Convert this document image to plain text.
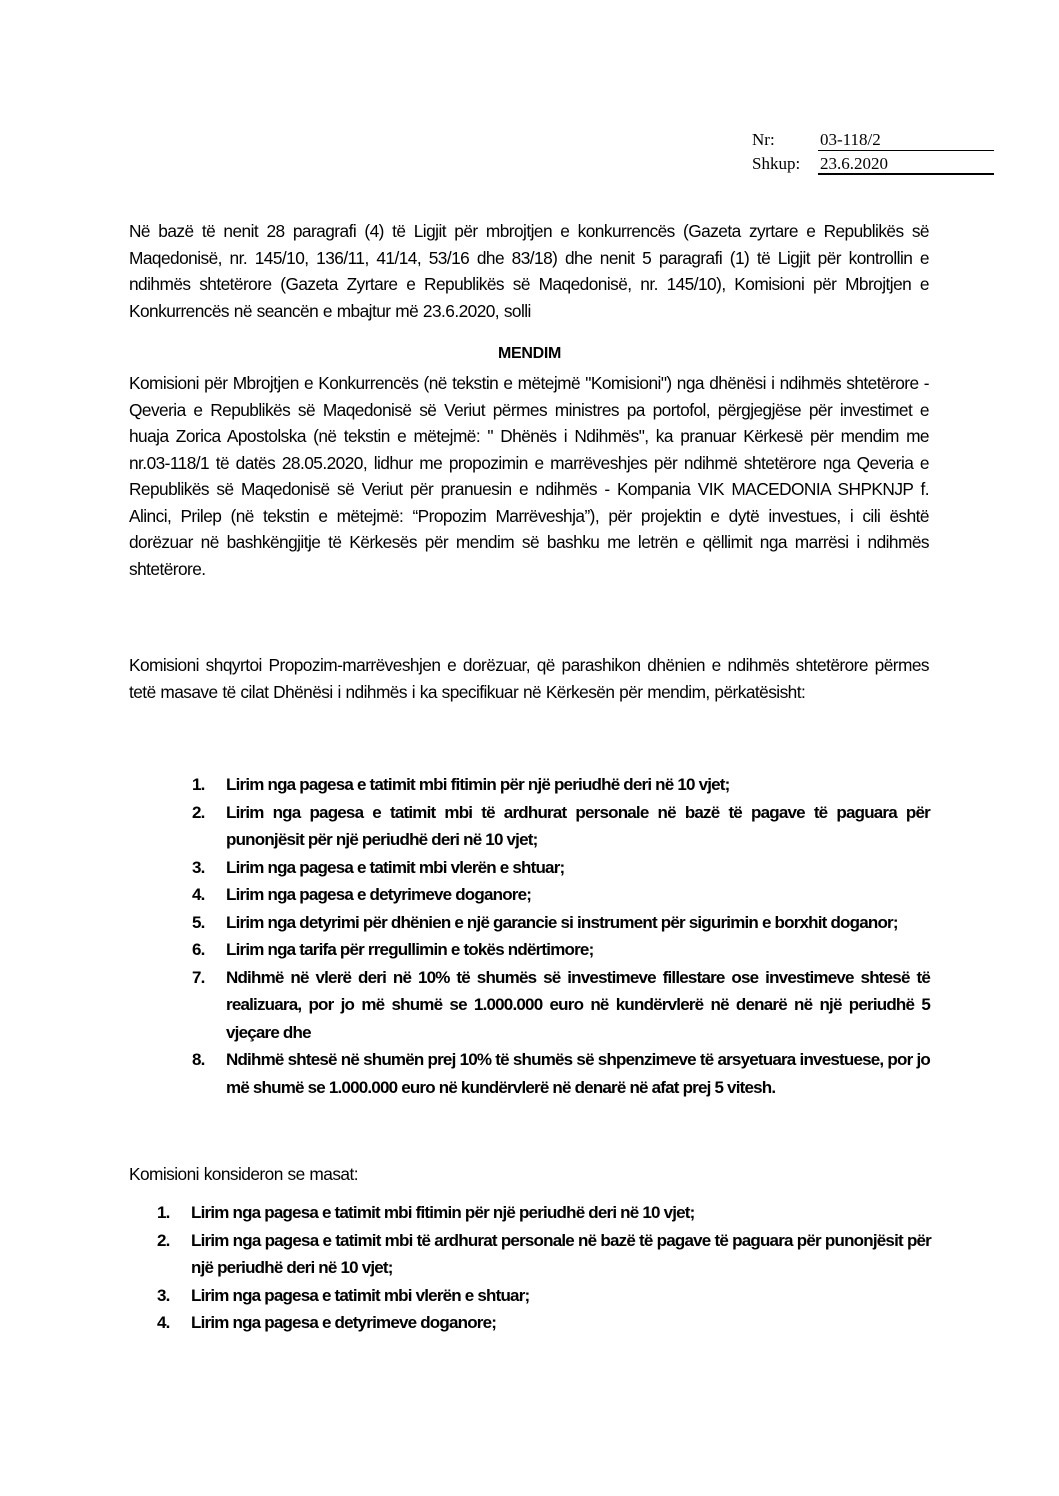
Nr:	03-118/2
Shkup: 23.6.2020

Në bazë të nenit 28 paragrafi (4) të Ligjit për mbrojtjen e konkurrencës (Gazeta zyrtare e Republikës së Maqedonisë, nr. 145/10, 136/11, 41/14, 53/16 dhe 83/18) dhe nenit 5 paragrafi (1) të Ligjit për kontrollin e ndihmës shtetërore (Gazeta Zyrtare e Republikës së Maqedonisë, nr. 145/10), Komisioni për Mbrojtjen e Konkurrencës në seancën e mbajtur më 23.6.2020, solli

MENDIM

Komisioni për Mbrojtjen e Konkurrencës (në tekstin e mëtejmë "Komisioni") nga dhënësi i ndihmës shtetërore - Qeveria e Republikës së Maqedonisë së Veriut përmes ministres pa portofol, përgjegjëse për investimet e huaja Zorica Apostolska (në tekstin e mëtejmë: " Dhënës i Ndihmës", ka pranuar Kërkesë për mendim me nr.03-118/1 të datës 28.05.2020, lidhur me propozimin e marrëveshjes për ndihmë shtetërore nga Qeveria e Republikës së Maqedonisë së Veriut për pranuesin e ndihmës - Kompania VIK MACEDONIA SHPKNJP f. Alinci, Prilep (në tekstin e mëtejmë: “Propozim Marrëveshja”), për projektin e dytë investues, i cili është dorëzuar në bashkëngjitje të Kërkesës për mendim së bashku me letrën e qëllimit nga marrësi i ndihmës shtetërore.

Komisioni shqyrtoi Propozim-marrëveshjen e dorëzuar, që parashikon dhënien e ndihmës shtetërore përmes tetë masave të cilat Dhënësi i ndihmës i ka specifikuar në Kërkesën për mendim, përkatësisht:

1. Lirim nga pagesa e tatimit mbi fitimin për një periudhë deri në 10 vjet;
2. Lirim nga pagesa e tatimit mbi të ardhurat personale në bazë të pagave të paguara për punonjësit për një periudhë deri në 10 vjet;
3. Lirim nga pagesa e tatimit mbi vlerën e shtuar;
4. Lirim nga pagesa e detyrimeve doganore;
5. Lirim nga detyrimi për dhënien e një garancie si instrument për sigurimin e borxhit doganor;
6. Lirim nga tarifa për rregullimin e tokës ndërtimore;
7. Ndihmë në vlerë deri në 10% të shumës së investimeve fillestare ose investimeve shtesë të realizuara, por jo më shumë se 1.000.000 euro në kundërvlerë në denarë në një periudhë 5 vjeçare dhe
8. Ndihmë shtesë në shumën prej 10% të shumës së shpenzimeve të arsyetuara investuese, por jo më shumë se 1.000.000 euro në kundërvlerë në denarë në afat prej 5 vitesh.

Komisioni konsideron se masat:

1. Lirim nga pagesa e tatimit mbi fitimin për një periudhë deri në 10 vjet;
2. Lirim nga pagesa e tatimit mbi të ardhurat personale në bazë të pagave të paguara për punonjësit për një periudhë deri në 10 vjet;
3. Lirim nga pagesa e tatimit mbi vlerën e shtuar;
4. Lirim nga pagesa e detyrimeve doganore;
